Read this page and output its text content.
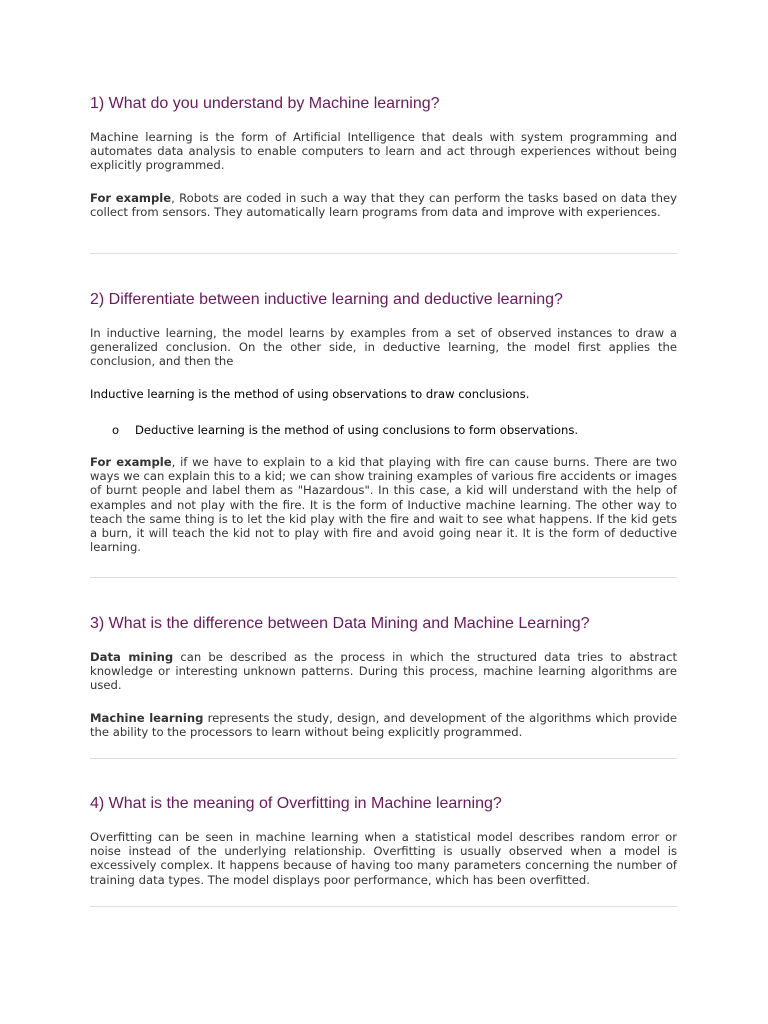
1) What do you understand by Machine learning?

Machine learning is the form of Artificial Intelligence that deals with system programming and automates data analysis to enable computers to learn and act through experiences without being explicitly programmed.

For example, Robots are coded in such a way that they can perform the tasks based on data they collect from sensors. They automatically learn programs from data and improve with experiences.

2) Differentiate between inductive learning and deductive learning?

In inductive learning, the model learns by examples from a set of observed instances to draw a generalized conclusion. On the other side, in deductive learning, the model first applies the conclusion, and then the

Inductive learning is the method of using observations to draw conclusions.

o Deductive learning is the method of using conclusions to form observations.

For example, if we have to explain to a kid that playing with fire can cause burns. There are two ways we can explain this to a kid; we can show training examples of various fire accidents or images of burnt people and label them as "Hazardous". In this case, a kid will understand with the help of examples and not play with the fire. It is the form of Inductive machine learning. The other way to teach the same thing is to let the kid play with the fire and wait to see what happens. If the kid gets a burn, it will teach the kid not to play with fire and avoid going near it. It is the form of deductive learning.

3) What is the difference between Data Mining and Machine Learning?

Data mining can be described as the process in which the structured data tries to abstract knowledge or interesting unknown patterns. During this process, machine learning algorithms are used.

Machine learning represents the study, design, and development of the algorithms which provide the ability to the processors to learn without being explicitly programmed.

4) What is the meaning of Overfitting in Machine learning?

Overfitting can be seen in machine learning when a statistical model describes random error or noise instead of the underlying relationship. Overfitting is usually observed when a model is excessively complex. It happens because of having too many parameters concerning the number of training data types. The model displays poor performance, which has been overfitted.
